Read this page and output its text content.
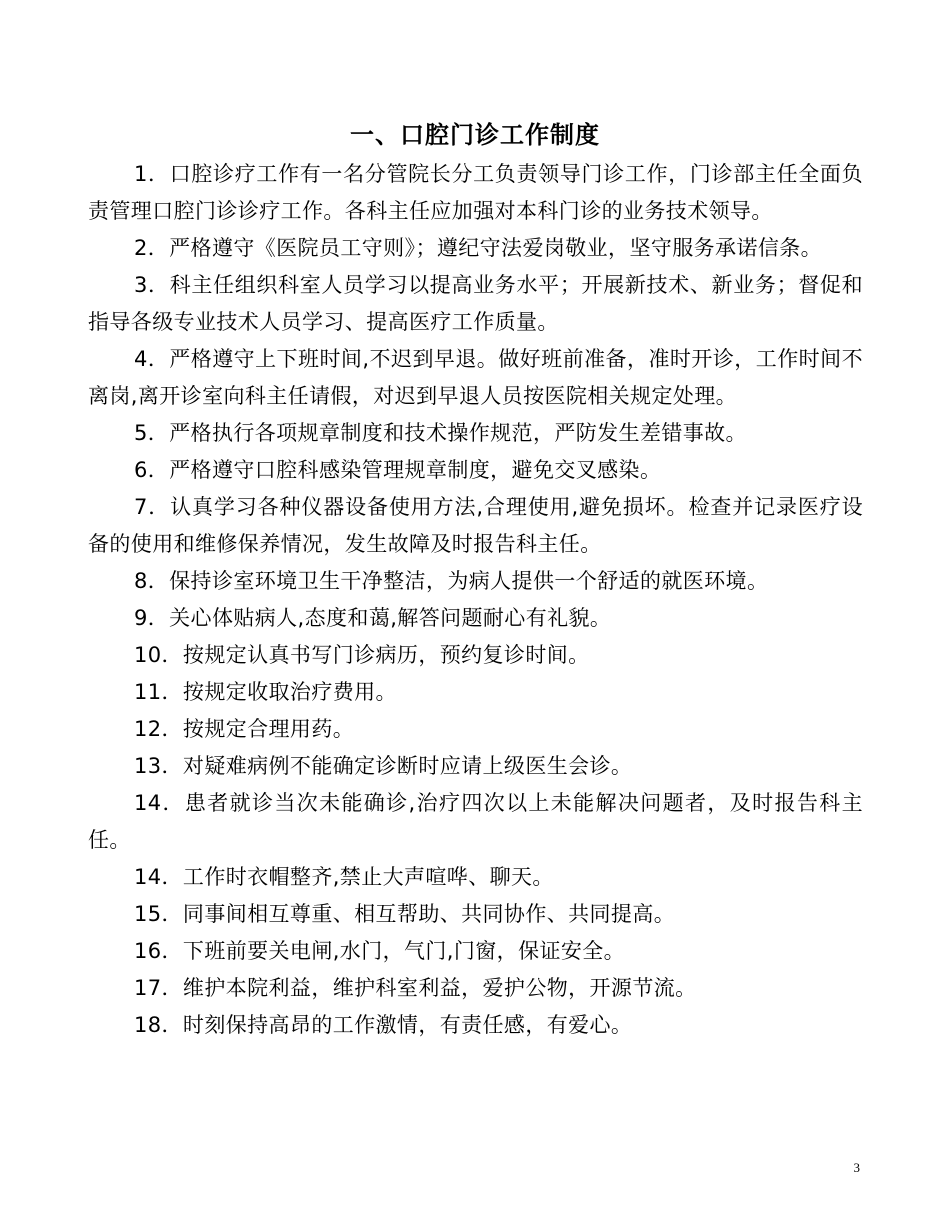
一、口腔门诊工作制度

1．口腔诊疗工作有一名分管院长分工负责领导门诊工作，门诊部主任全面负责管理口腔门诊诊疗工作。各科主任应加强对本科门诊的业务技术领导。

2．严格遵守《医院员工守则》；遵纪守法爱岗敬业，坚守服务承诺信条。

3．科主任组织科室人员学习以提高业务水平；开展新技术、新业务；督促和指导各级专业技术人员学习、提高医疗工作质量。

4．严格遵守上下班时间,不迟到早退。做好班前准备，准时开诊，工作时间不离岗,离开诊室向科主任请假，对迟到早退人员按医院相关规定处理。

5．严格执行各项规章制度和技术操作规范，严防发生差错事故。

6．严格遵守口腔科感染管理规章制度，避免交叉感染。

7．认真学习各种仪器设备使用方法,合理使用,避免损坏。检查并记录医疗设备的使用和维修保养情况，发生故障及时报告科主任。

8．保持诊室环境卫生干净整洁，为病人提供一个舒适的就医环境。

9．关心体贴病人,态度和蔼,解答问题耐心有礼貌。

10．按规定认真书写门诊病历，预约复诊时间。

11．按规定收取治疗费用。

12．按规定合理用药。

13．对疑难病例不能确定诊断时应请上级医生会诊。

14．患者就诊当次未能确诊,治疗四次以上未能解决问题者，及时报告科主任。

14．工作时衣帽整齐,禁止大声喧哗、聊天。

15．同事间相互尊重、相互帮助、共同协作、共同提高。

16．下班前要关电闸,水门，气门,门窗，保证安全。

17．维护本院利益，维护科室利益，爱护公物，开源节流。

18．时刻保持高昂的工作激情，有责任感，有爱心。

3
